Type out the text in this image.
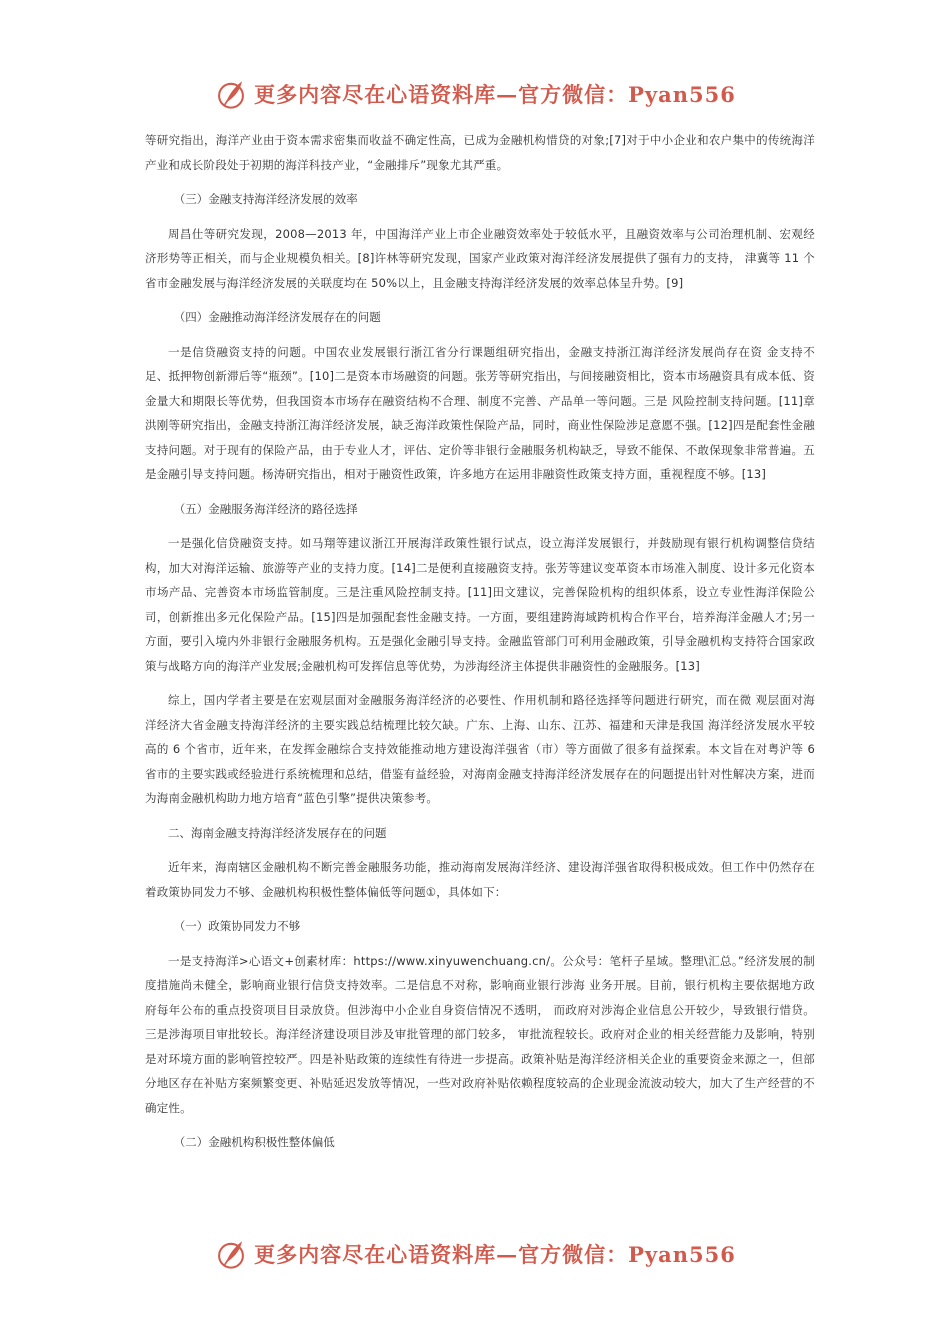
更多内容尽在心语资料库—官方微信：Pyan556
等研究指出，海洋产业由于资本需求密集而收益不确定性高，已成为金融机构惜贷的对象;[7]对于中小企业和农户集中的传统海洋产业和成长阶段处于初期的海洋科技产业，“金融排斥”现象尤其严重。
（三）金融支持海洋经济发展的效率
周昌仕等研究发现，2008—2013 年，中国海洋产业上市企业融资效率处于较低水平，且融资效率与公司治理机制、宏观经济形势等正相关，而与企业规模负相关。[8]许林等研究发现，国家产业政策对海洋经济发展提供了强有力的支持， 津冀等 11 个省市金融发展与海洋经济发展的关联度均在 50%以上，且金融支持海洋经济发展的效率总体呈升势。[9]
（四）金融推动海洋经济发展存在的问题
一是信贷融资支持的问题。中国农业发展银行浙江省分行课题组研究指出，金融支持浙江海洋经济发展尚存在资 金支持不足、抵押物创新滞后等“瓶颈”。[10]二是资本市场融资的问题。张芳等研究指出，与间接融资相比，资本市场融资具有成本低、资金量大和期限长等优势，但我国资本市场存在融资结构不合理、制度不完善、产品单一等问题。三是 风险控制支持问题。[11]章洪刚等研究指出，金融支持浙江海洋经济发展，缺乏海洋政策性保险产品，同时，商业性保险涉足意愿不强。[12]四是配套性金融支持问题。对于现有的保险产品，由于专业人才，评估、定价等非银行金融服务机构缺乏，导致不能保、不敢保现象非常普遍。五是金融引导支持问题。杨涛研究指出，相对于融资性政策，许多地方在运用非融资性政策支持方面，重视程度不够。[13]
（五）金融服务海洋经济的路径选择
一是强化信贷融资支持。如马翔等建议浙江开展海洋政策性银行试点，设立海洋发展银行，并鼓励现有银行机构调整信贷结构，加大对海洋运输、旅游等产业的支持力度。[14]二是便利直接融资支持。张芳等建议变革资本市场准入制度、设计多元化资本市场产品、完善资本市场监管制度。三是注重风险控制支持。[11]田文建议，完善保险机构的组织体系，设立专业性海洋保险公司，创新推出多元化保险产品。[15]四是加强配套性金融支持。一方面，要组建跨海域跨机构合作平台，培养海洋金融人才;另一方面，要引入境内外非银行金融服务机构。五是强化金融引导支持。金融监管部门可利用金融政策，引导金融机构支持符合国家政策与战略方向的海洋产业发展;金融机构可发挥信息等优势，为涉海经济主体提供非融资性的金融服务。[13]
综上，国内学者主要是在宏观层面对金融服务海洋经济的必要性、作用机制和路径选择等问题进行研究，而在微 观层面对海洋经济大省金融支持海洋经济的主要实践总结梳理比较欠缺。广东、上海、山东、江苏、福建和天津是我国 海洋经济发展水平较高的 6 个省市，近年来，在发挥金融综合支持效能推动地方建设海洋强省（市）等方面做了很多有益探索。本文旨在对粤沪等 6 省市的主要实践或经验进行系统梳理和总结，借鉴有益经验，对海南金融支持海洋经济发展存在的问题提出针对性解决方案，进而为海南金融机构助力地方培育“蓝色引擎”提供决策参考。
二、海南金融支持海洋经济发展存在的问题
近年来，海南辖区金融机构不断完善金融服务功能，推动海南发展海洋经济、建设海洋强省取得积极成效。但工作中仍然存在着政策协同发力不够、金融机构积极性整体偏低等问题①，具体如下：
（一）政策协同发力不够
一是支持海洋>心语文+创素材库：https://www.xinyuwenchuang.cn/。公众号：笔杆子星域。整理\汇总。”经济发展的制度措施尚未健全，影响商业银行信贷支持效率。二是信息不对称，影响商业银行涉海 业务开展。目前，银行机构主要依据地方政府每年公布的重点投资项目目录放贷。但涉海中小企业自身资信情况不透明， 而政府对涉海企业信息公开较少，导致银行惜贷。三是涉海项目审批较长。海洋经济建设项目涉及审批管理的部门较多， 审批流程较长。政府对企业的相关经营能力及影响，特别是对环境方面的影响管控较严。四是补贴政策的连续性有待进一步提高。政策补贴是海洋经济相关企业的重要资金来源之一，但部分地区存在补贴方案频繁变更、补贴延迟发放等情况，一些对政府补贴依赖程度较高的企业现金流波动较大，加大了生产经营的不确定性。
（二）金融机构积极性整体偏低
更多内容尽在心语资料库—官方微信：Pyan556
